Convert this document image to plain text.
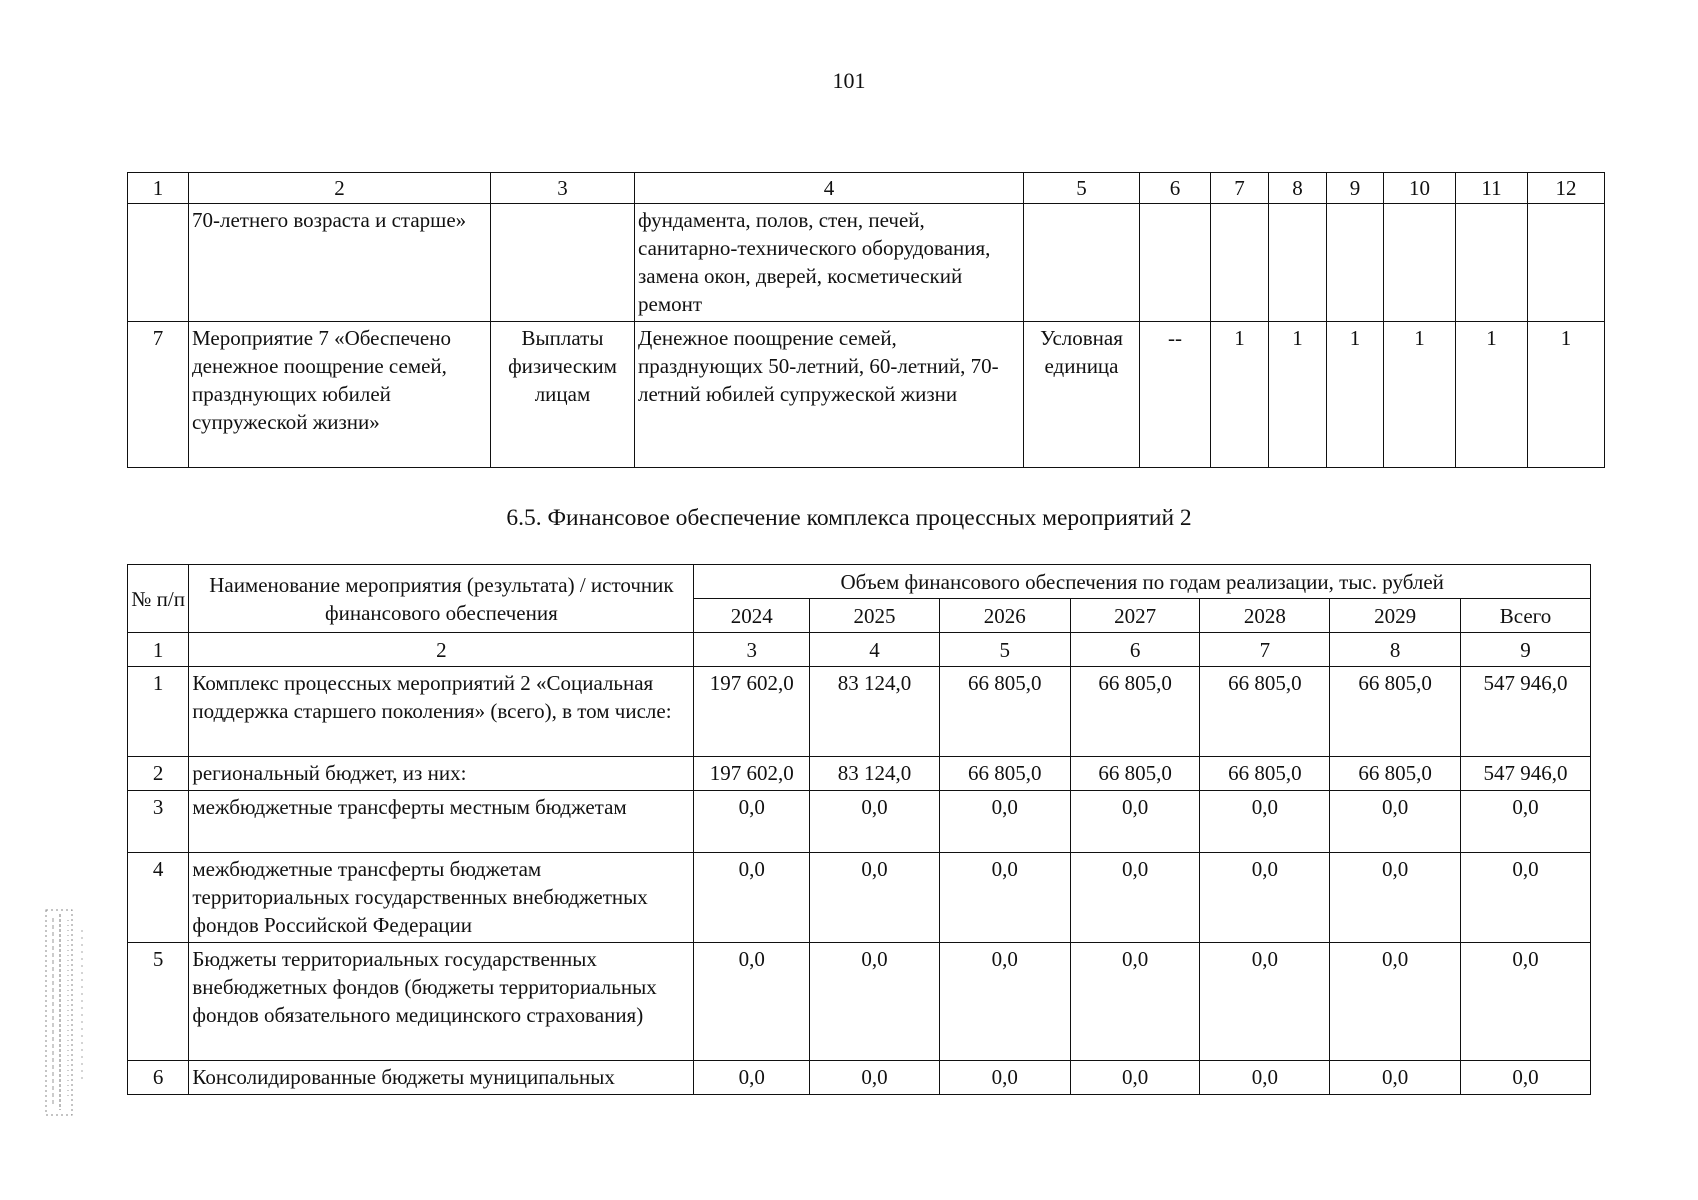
101
1	2	3	4	5	6	7	8	9	10	11	12
	70-летнего возраста и старше»		фундамента, полов, стен, печей, санитарно-технического оборудования, замена окон, дверей, косметический ремонт								
7	Мероприятие 7 «Обеспечено денежное поощрение семей, празднующих юбилей супружеской жизни»	Выплаты физическим лицам	Денежное поощрение семей, празднующих 50-летний, 60-летний, 70-летний юбилей супружеской жизни	Условная единица	--	1	1	1	1	1	1
6.5. Финансовое обеспечение комплекса процессных мероприятий 2
№ п/п	Наименование мероприятия (результата) / источник финансового обеспечения	Объем финансового обеспечения по годам реализации, тыс. рублей						
		2024	2025	2026	2027	2028	2029	Всего
1	2	3	4	5	6	7	8	9
1	Комплекс процессных мероприятий 2 «Социальная поддержка старшего поколения» (всего), в том числе:	197 602,0	83 124,0	66 805,0	66 805,0	66 805,0	66 805,0	547 946,0
2	региональный бюджет, из них:	197 602,0	83 124,0	66 805,0	66 805,0	66 805,0	66 805,0	547 946,0
3	межбюджетные трансферты местным бюджетам	0,0	0,0	0,0	0,0	0,0	0,0	0,0
4	межбюджетные трансферты бюджетам территориальных государственных внебюджетных фондов Российской Федерации	0,0	0,0	0,0	0,0	0,0	0,0	0,0
5	Бюджеты территориальных государственных внебюджетных фондов (бюджеты территориальных фондов обязательного медицинского страхования)	0,0	0,0	0,0	0,0	0,0	0,0	0,0
6	Консолидированные бюджеты муниципальных	0,0	0,0	0,0	0,0	0,0	0,0	0,0
